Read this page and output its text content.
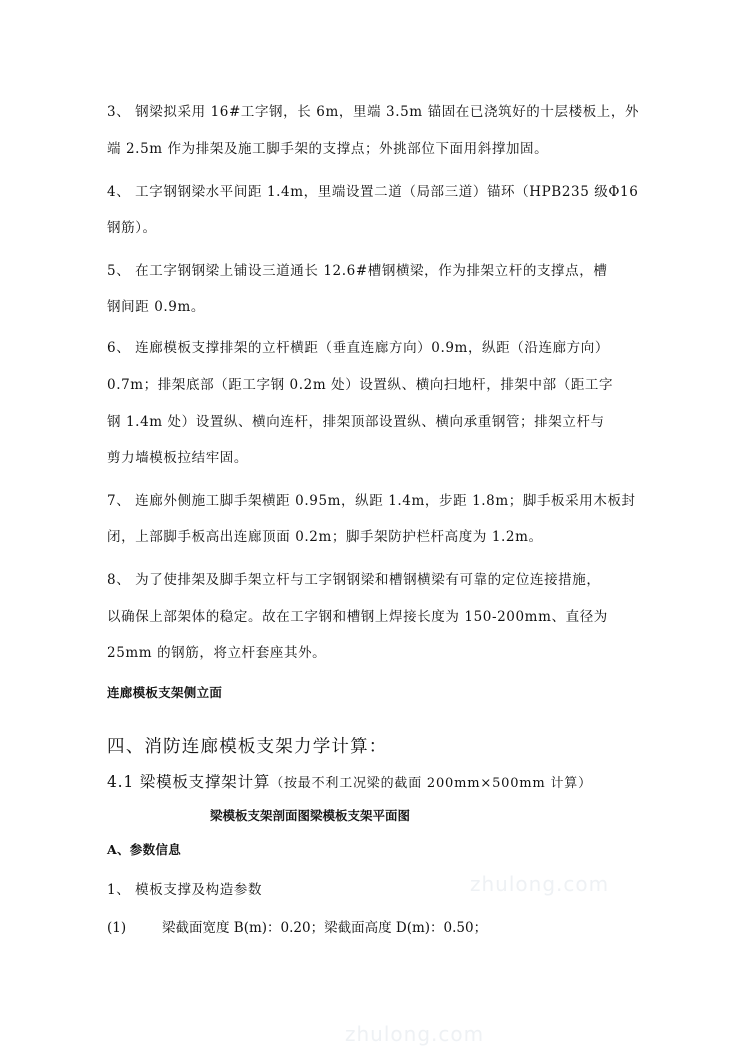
3、 钢梁拟采用 16#工字钢，长 6m，里端 3.5m 锚固在已浇筑好的十层楼板上，外
端 2.5m 作为排架及施工脚手架的支撑点；外挑部位下面用斜撑加固。
4、 工字钢钢梁水平间距 1.4m，里端设置二道（局部三道）锚环（HPB235 级Φ16
钢筋）。
5、 在工字钢钢梁上铺设三道通长 12.6#槽钢横梁，作为排架立杆的支撑点，槽
钢间距 0.9m。
6、 连廊模板支撑排架的立杆横距（垂直连廊方向）0.9m，纵距（沿连廊方向）
0.7m；排架底部（距工字钢 0.2m 处）设置纵、横向扫地杆，排架中部（距工字
钢 1.4m 处）设置纵、横向连杆，排架顶部设置纵、横向承重钢管；排架立杆与
剪力墙模板拉结牢固。
7、 连廊外侧施工脚手架横距 0.95m，纵距 1.4m，步距 1.8m；脚手板采用木板封
闭，上部脚手板高出连廊顶面 0.2m；脚手架防护栏杆高度为 1.2m。
8、 为了使排架及脚手架立杆与工字钢钢梁和槽钢横梁有可靠的定位连接措施，
以确保上部架体的稳定。故在工字钢和槽钢上焊接长度为 150-200mm、直径为
25mm 的钢筋，将立杆套座其外。
连廊模板支架侧立面
四、消防连廊模板支架力学计算：
4.1 梁模板支撑架计算（按最不利工况梁的截面 200mm×500mm 计算）
梁模板支架剖面图梁模板支架平面图
A、参数信息
1、 模板支撑及构造参数
(1)	梁截面宽度 B(m)：0.20；梁截面高度 D(m)：0.50；
zhulong.com
zhulong.com
